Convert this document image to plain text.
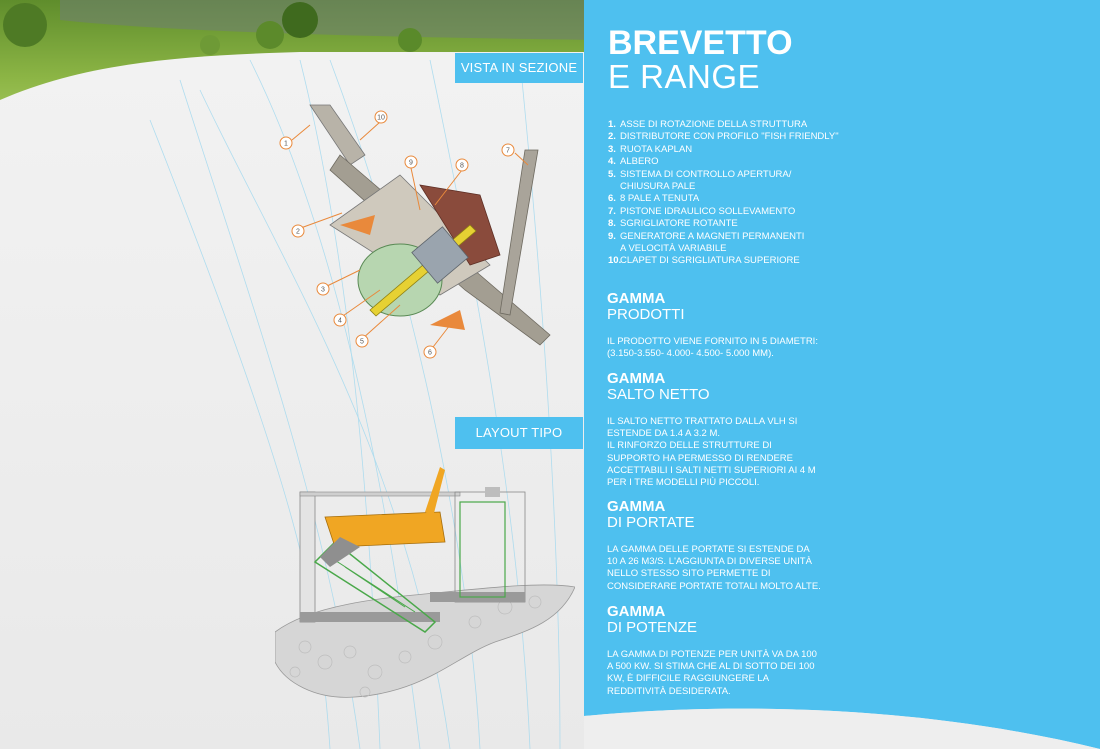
1
10
9	8
7
2
3
4
5
6
VISTA IN SEZIONE
LAYOUT TIPO
BREVETTO
E RANGE
1. ASSE DI ROTAZIONE DELLA STRUTTURA
2. DISTRIBUTORE CON PROFILO "FISH FRIENDLY"
3. RUOTA KAPLAN
4. ALBERO
5. SISTEMA DI CONTROLLO APERTURA/
CHIUSURA PALE
6. 8 PALE A TENUTA
7. PISTONE IDRAULICO SOLLEVAMENTO
8. SGRIGLIATORE ROTANTE
9. GENERATORE A MAGNETI PERMANENTI
A VELOCITÀ VARIABILE
10.CLAPET DI SGRIGLIATURA SUPERIORE
GAMMA
PRODOTTI
IL PRODOTTO VIENE FORNITO IN 5 DIAMETRI: (3.150-3.550- 4.000- 4.500- 5.000 MM).
GAMMA
SALTO NETTO
IL SALTO NETTO TRATTATO DALLA VLH SI ESTENDE DA 1.4 A 3.2 M.
IL RINFORZO DELLE STRUTTURE DI SUPPORTO HA PERMESSO DI RENDERE ACCETTABILI I SALTI NETTI SUPERIORI AI 4 M PER I TRE MODELLI PIÙ PICCOLI.
GAMMA
DI PORTATE
LA GAMMA DELLE PORTATE SI ESTENDE DA 10 A 26 M3/S. L'AGGIUNTA DI DIVERSE UNITÀ NELLO STESSO SITO PERMETTE DI CONSIDERARE PORTATE TOTALI MOLTO ALTE.
GAMMA
DI POTENZE
LA GAMMA DI POTENZE PER UNITÀ VA DA 100 A 500 KW. SI STIMA CHE AL DI SOTTO DEI 100 KW, È DIFFICILE RAGGIUNGERE LA REDDITIVITÀ DESIDERATA.
